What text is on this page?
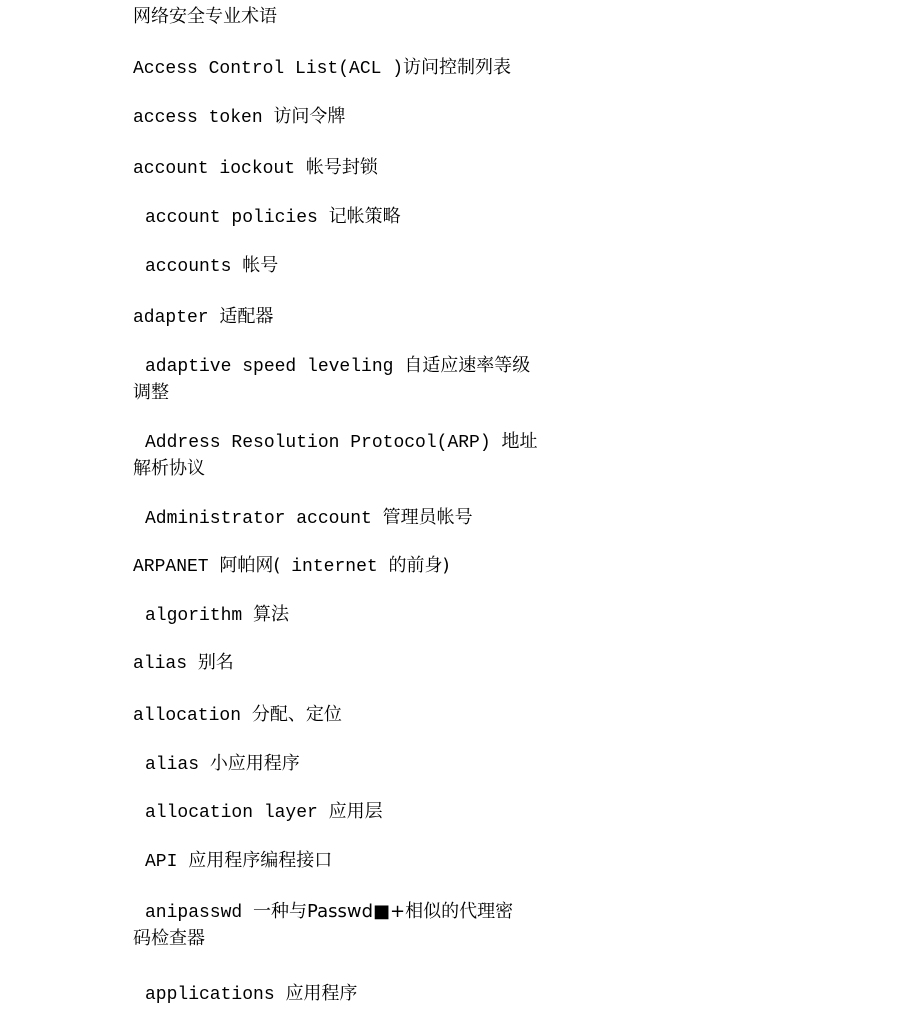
网络安全专业术语
Access Control List(ACL )访问控制列表
access token 访问令牌
account iockout 帐号封锁
account policies 记帐策略
accounts 帐号
adapter 适配器
adaptive speed leveling 自适应速率等级
调整
Address Resolution Protocol(ARP) 地址
解析协议
Administrator account 管理员帐号
ARPANET 阿帕网( internet 的前身)
algorithm 算法
alias 别名
allocation 分配、定位
alias 小应用程序
allocation layer 应用层
API 应用程序编程接口
anipasswd 一种与Passwd■+相似的代理密
码检查器
applications 应用程序
